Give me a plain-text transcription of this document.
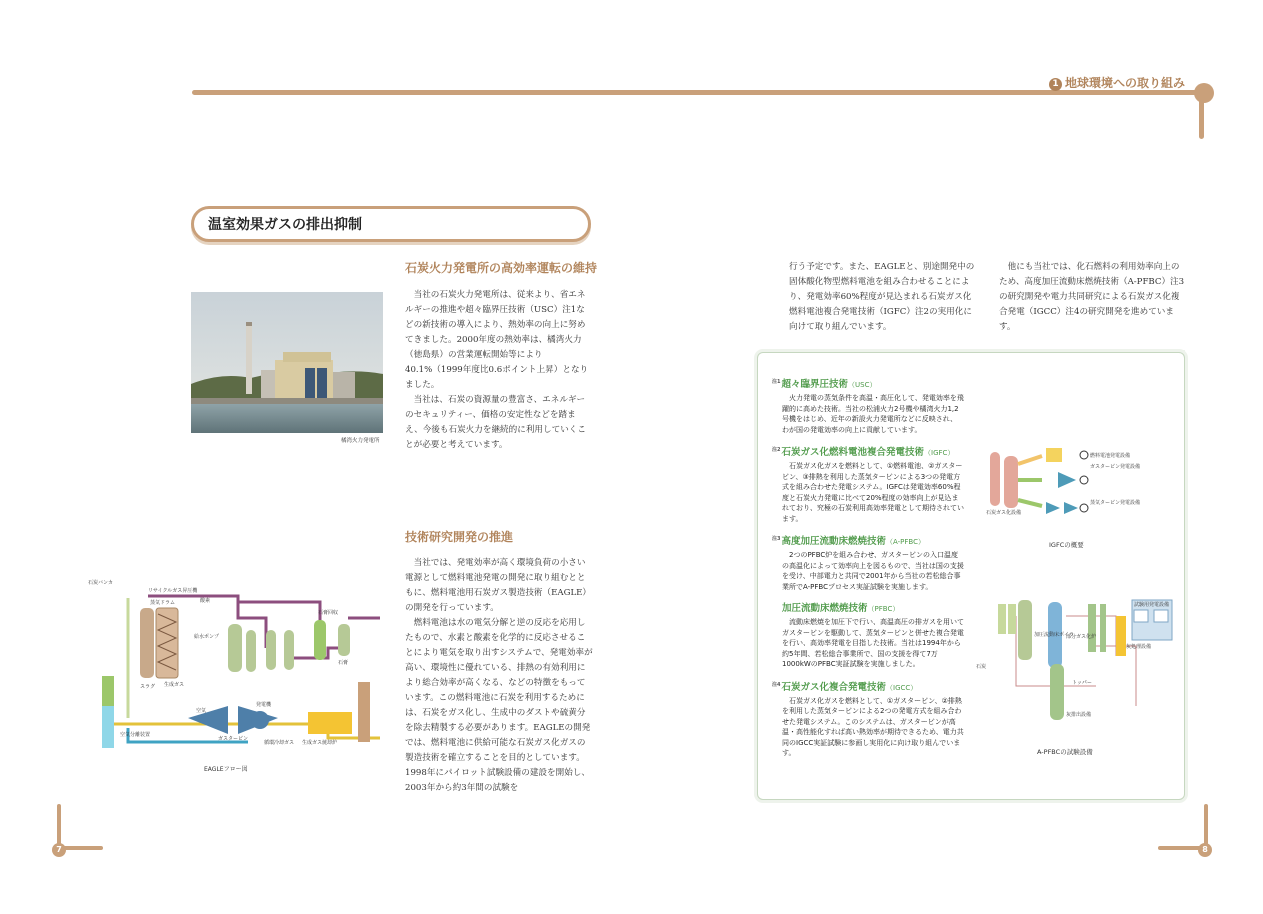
1 地球環境への取り組み
温室効果ガスの排出抑制
石炭火力発電所の高効率運転の維持

当社の石炭火力発電所は、従来より、省エネルギーの推進や超々臨界圧技術（USC）注1などの新技術の導入により、熱効率の向上に努めてきました。2000年度の熱効率は、橘湾火力（徳島県）の営業運転開始等により40.1%（1999年度比0.6ポイント上昇）となりました。

当社は、石炭の資源量の豊富さ、エネルギーのセキュリティー、価格の安定性などを踏まえ、今後も石炭火力を継続的に利用していくことが必要と考えています。

橘湾火力発電所
技術研究開発の推進

当社では、発電効率が高く環境負荷の小さい電源として燃料電池発電の開発に取り組むとともに、燃料電池用石炭ガス製造技術（EAGLE）の開発を行っています。

燃料電池は水の電気分解と逆の反応を応用したもので、水素と酸素を化学的に反応させることにより電気を取り出すシステムで、発電効率が高い、環境性に優れている、排熱の有効利用により総合効率が高くなる、などの特徴をもっています。この燃料電池に石炭を利用するためには、石炭をガス化し、生成中のダストや硫黄分を除去精製する必要があります。EAGLEの開発では、燃料電池に供給可能な石炭ガス化ガスの製造技術を確立することを目的としています。1998年にパイロット試験設備の建設を開始し、2003年から約3年間の試験を

石炭バンカ
リサイクルガス昇圧機
蒸気ドラム
生成ガス
スラグ
酸素
給水ポンプ
石膏回収
空気
ガスタービン
発電機
空気分離装置
循環冷却ガス 生成ガス焼却炉
石膏
EAGLEフロー図

行う予定です。また、EAGLEと、別途開発中の固体酸化物型燃料電池を組み合わせることにより、発電効率60%程度が見込まれる石炭ガス化燃料電池複合発電技術（IGFC）注2の実用化に向けて取り組んでいます。

他にも当社では、化石燃料の利用効率向上のため、高度加圧流動床燃焼技術（A-PFBC）注3の研究開発や電力共同研究による石炭ガス化複合発電（IGCC）注4の研究開発を進めています。

$^{注1}$超々臨界圧技術（USC）

火力発電の蒸気条件を高温・高圧化して、発電効率を飛躍的に高めた技術。当社の松浦火力2号機や橘湾火力1,2号機をはじめ、近年の新設火力発電所などに反映され、わが国の発電効率の向上に貢献しています。

$^{注2}$石炭ガス化燃料電池複合発電技術（IGFC）

石炭ガス化ガスを燃料として、①燃料電池、②ガスタービン、③排熱を利用した蒸気タービンによる3つの発電方式を組み合わせた発電システム。IGFCは発電効率60%程度と石炭火力発電に比べて20%程度の効率向上が見込まれており、究極の石炭利用高効率発電として期待されています。

$^{注3}$高度加圧流動床燃焼技術（A-PFBC）

2つのPFBC炉を組み合わせ、ガスタービンの入口温度の高温化によって効率向上を図るもので、当社は国の支援を受け、中部電力と共同で2001年から当社の若松総合事業所でA-PFBCプロセス実証試験を実施します。

加圧流動床燃焼技術（PFBC）

流動床燃焼を加圧下で行い、高温高圧の排ガスを用いてガスタービンを駆動して、蒸気タービンと併せた複合発電を行い、高効率発電を目指した技術。当社は1994年から約5年間、若松総合事業所で、国の支援を得て7万1000kWのPFBC実証試験を実施しました。

$^{注4}$石炭ガス化複合発電技術（IGCC）

石炭ガス化ガスを燃料として、①ガスタービン、②排熱を利用した蒸気タービンによる2つの発電方式を組み合わせた発電システム。このシステムは、ガスタービンが高温・高性能化すれば高い熱効率が期待できるため、電力共同のIGCC実証試験に参画し実用化に向け取り組んでいます。

燃料電池発電設備
ガスタービン発電設備
蒸気タービン発電設備
石炭ガス化設備
IGFCの概要
石炭
加圧流動床ボイラ
部分ガス化炉
トッパー
灰処理設備
灰排出設備
試験用発電設備
A-PFBCの試験設備
7	8
